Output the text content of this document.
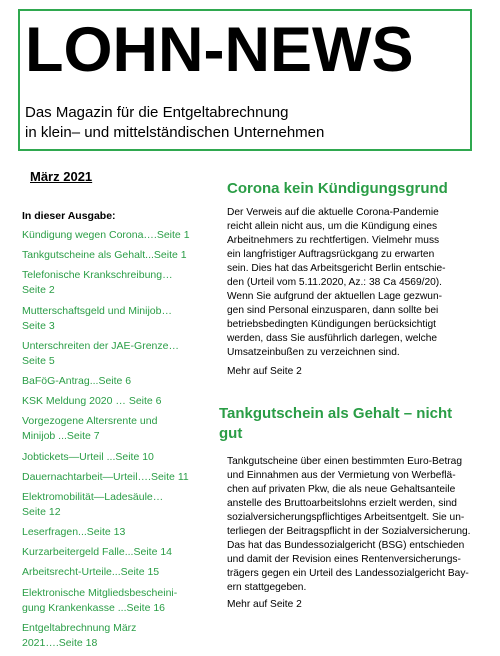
LOHN-NEWS
Das Magazin für die Entgeltabrechnung
in klein– und mittelständischen Unternehmen
März 2021
In dieser Ausgabe:
Kündigung wegen Corona….Seite 1
Tankgutscheine als Gehalt...Seite 1
Telefonische Krankschreibung…
Seite 2
Mutterschaftsgeld und Minijob…
Seite 3
Unterschreiten der JAE-Grenze…
Seite 5
BaFöG-Antrag...Seite 6
KSK Meldung 2020 … Seite 6
Vorgezogene Altersrente und
Minijob ...Seite 7
Jobtickets—Urteil ...Seite 10
Dauernachtarbeit—Urteil….Seite 11
Elektromobilität—Ladesäule…
Seite 12
Leserfragen...Seite 13
Kurzarbeitergeld Falle...Seite 14
Arbeitsrecht-Urteile...Seite 15
Elektronische Mitgliedsbescheini-
gung Krankenkasse ...Seite 16
Entgeltabrechnung März
2021….Seite 18
Corona kein Kündigungsgrund

Der Verweis auf die aktuelle Corona-Pandemie
reicht allein nicht aus, um die Kündigung eines
Arbeitnehmers zu rechtfertigen. Vielmehr muss
ein langfristiger Auftragsrückgang zu erwarten
sein. Dies hat das Arbeitsgericht Berlin entschie-
den (Urteil vom 5.11.2020, Az.: 38 Ca 4569/20).

Wenn Sie aufgrund der aktuellen Lage gezwun-
gen sind Personal einzusparen, dann sollte bei
betriebsbedingten Kündigungen berücksichtigt
werden, dass Sie ausführlich darlegen, welche
Umsatzeinbußen zu verzeichnen sind.

Mehr auf Seite 2

Tankgutschein als Gehalt – nicht
gut

Tankgutscheine über einen bestimmten Euro-Betrag
und Einnahmen aus der Vermietung von Werbeflä-
chen auf privaten Pkw, die als neue Gehaltsanteile
anstelle des Bruttoarbeitslohns erzielt werden, sind
sozialversicherungspflichtiges Arbeitsentgelt. Sie un-
terliegen der Beitragspflicht in der Sozialversicherung.
Das hat das Bundessozialgericht (BSG) entschieden
und damit der Revision eines Rentenversicherungs-
trägers gegen ein Urteil des Landessozialgericht Bay-
ern stattgegeben.

Mehr auf Seite 2
